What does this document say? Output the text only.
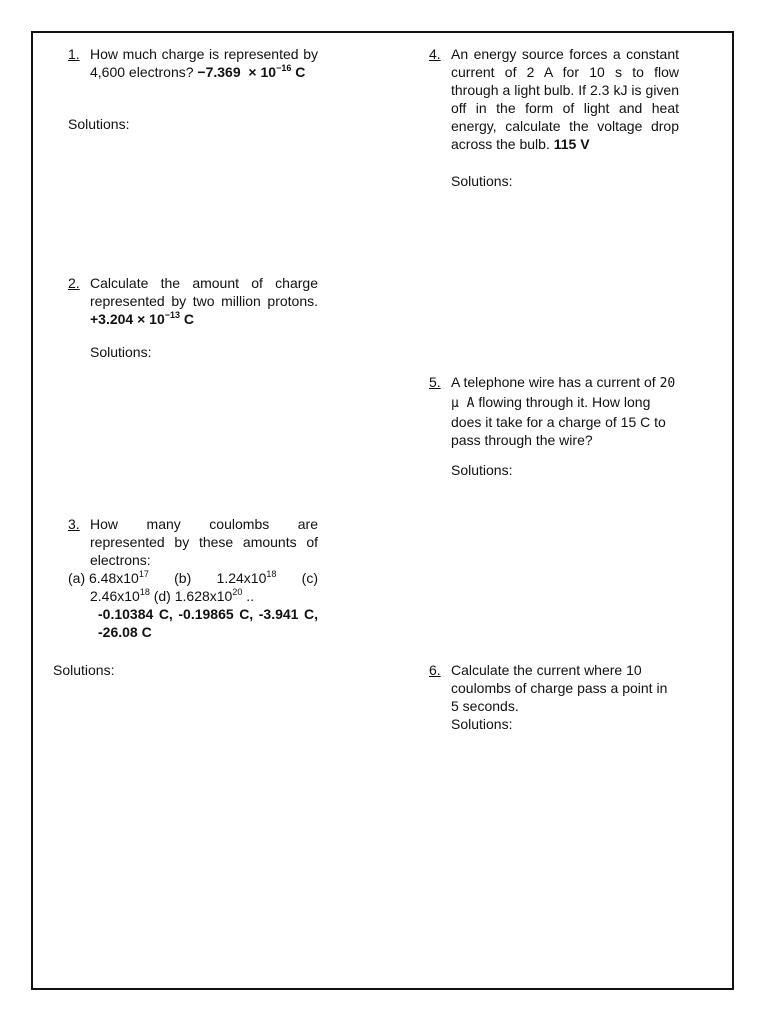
1. How much charge is represented by 4,600 electrons? $-7.369 \times 10^{-16}$ C
Solutions:
2. Calculate the amount of charge represented by two million protons. $+3.204 \times 10^{-13}$ C
Solutions:
3. How many coulombs are represented by these amounts of electrons:
(a) $6.48x10^{17}$ (b) $1.24x10^{18}$ (c)
$2.46x10^{18}$ (d) $1.628x10^{20}$ ..
-0.10384 C, -0.19865 C, -3.941 C, -26.08 C
Solutions:
4. An energy source forces a constant current of 2 A for 10 s to flow through a light bulb. If 2.3 kJ is given off in the form of light and heat energy, calculate the voltage drop across the bulb. 115 V
Solutions:
5. A telephone wire has a current of 20 μ A flowing through it. How long does it take for a charge of 15 C to pass through the wire?
Solutions:
6. Calculate the current where 10 coulombs of charge pass a point in 5 seconds.
Solutions:
